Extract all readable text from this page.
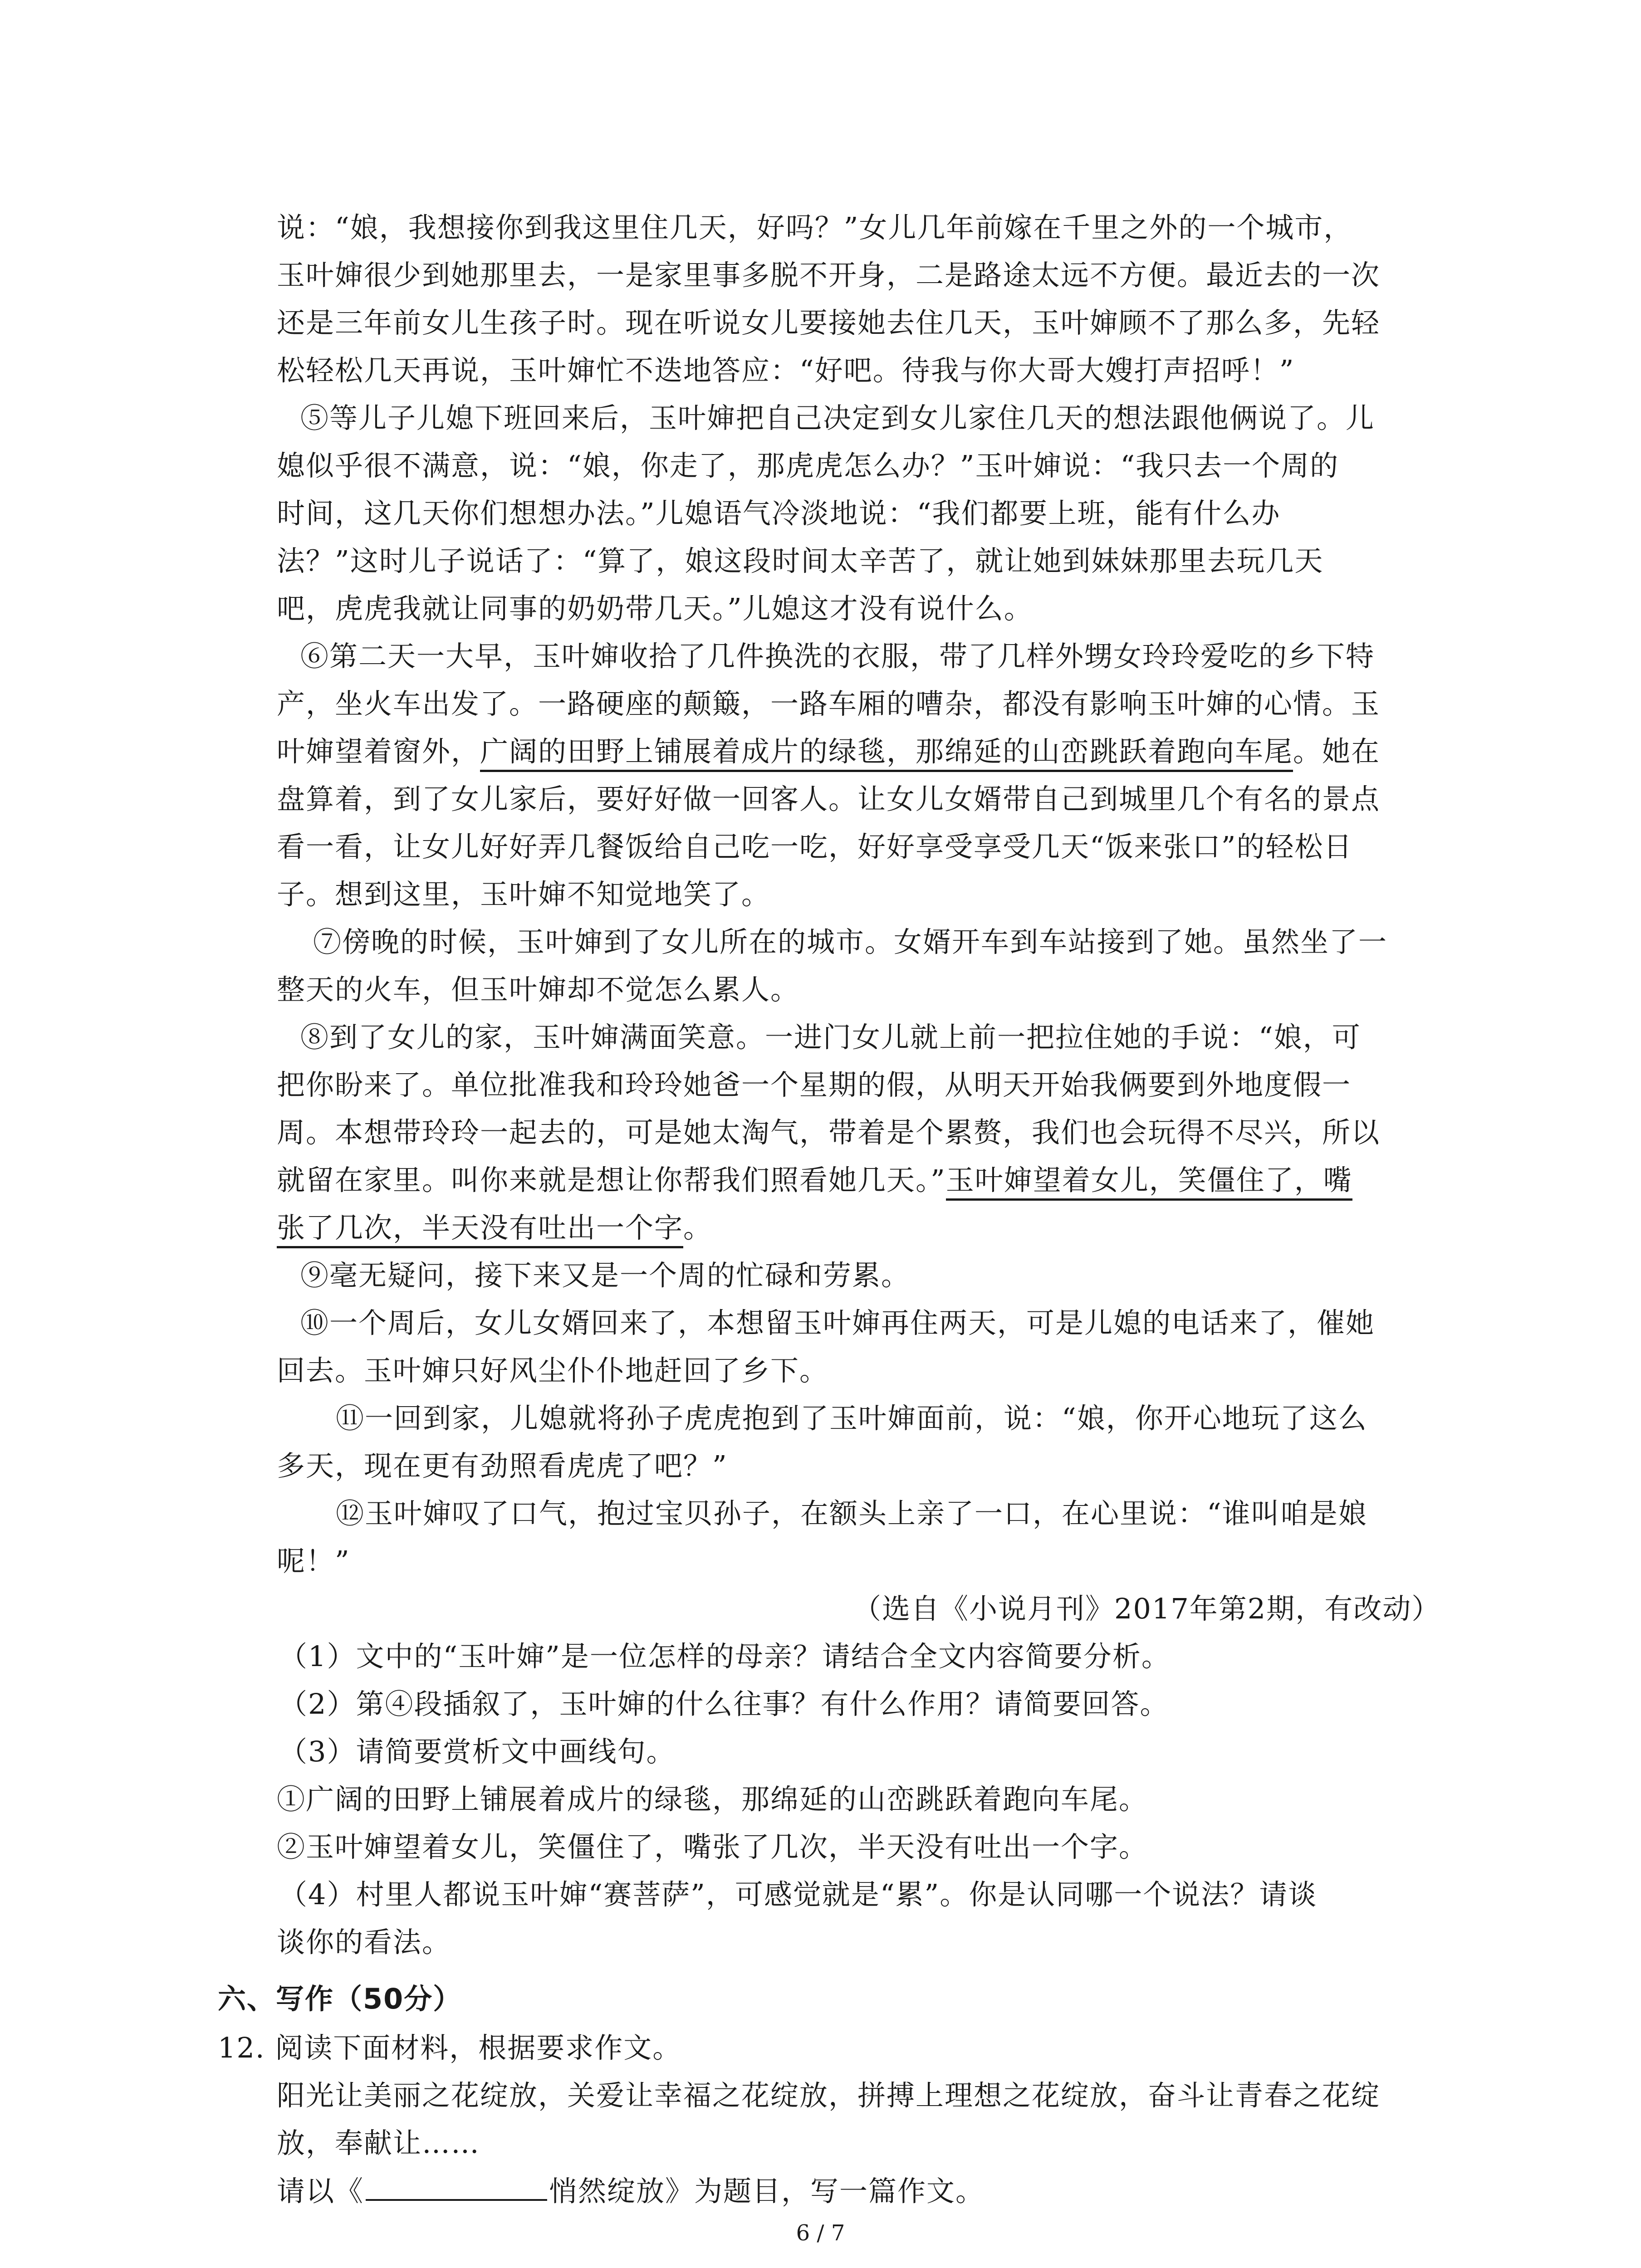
说：“娘，我想接你到我这里住几天，好吗？”女儿几年前嫁在千里之外的一个城市，
玉叶婶很少到她那里去，一是家里事多脱不开身，二是路途太远不方便。最近去的一次
还是三年前女儿生孩子时。现在听说女儿要接她去住几天，玉叶婶顾不了那么多，先轻
松轻松几天再说，玉叶婶忙不迭地答应：“好吧。待我与你大哥大嫂打声招呼！”
⑤等儿子儿媳下班回来后，玉叶婶把自己决定到女儿家住几天的想法跟他俩说了。儿
媳似乎很不满意，说：“娘，你走了，那虎虎怎么办？”玉叶婶说：“我只去一个周的
时间，这几天你们想想办法。”儿媳语气冷淡地说：“我们都要上班，能有什么办
法？”这时儿子说话了：“算了，娘这段时间太辛苦了，就让她到妹妹那里去玩几天
吧，虎虎我就让同事的奶奶带几天。”儿媳这才没有说什么。
⑥第二天一大早，玉叶婶收拾了几件换洗的衣服，带了几样外甥女玲玲爱吃的乡下特
产，坐火车出发了。一路硬座的颠簸，一路车厢的嘈杂，都没有影响玉叶婶的心情。玉
叶婶望着窗外，广阔的田野上铺展着成片的绿毯，那绵延的山峦跳跃着跑向车尾。她在
盘算着，到了女儿家后，要好好做一回客人。让女儿女婿带自己到城里几个有名的景点
看一看，让女儿好好弄几餐饭给自己吃一吃，好好享受享受几天“饭来张口”的轻松日
子。想到这里，玉叶婶不知觉地笑了。
⑦傍晚的时候，玉叶婶到了女儿所在的城市。女婿开车到车站接到了她。虽然坐了一
整天的火车，但玉叶婶却不觉怎么累人。
⑧到了女儿的家，玉叶婶满面笑意。一进门女儿就上前一把拉住她的手说：“娘，可
把你盼来了。单位批准我和玲玲她爸一个星期的假，从明天开始我俩要到外地度假一
周。本想带玲玲一起去的，可是她太淘气，带着是个累赘，我们也会玩得不尽兴，所以
就留在家里。叫你来就是想让你帮我们照看她几天。”玉叶婶望着女儿，笑僵住了，嘴
张了几次，半天没有吐出一个字。
⑨毫无疑问，接下来又是一个周的忙碌和劳累。
⑩一个周后，女儿女婿回来了，本想留玉叶婶再住两天，可是儿媳的电话来了，催她
回去。玉叶婶只好风尘仆仆地赶回了乡下。
⑪一回到家，儿媳就将孙子虎虎抱到了玉叶婶面前，说：“娘，你开心地玩了这么
多天，现在更有劲照看虎虎了吧？”
⑫玉叶婶叹了口气，抱过宝贝孙子，在额头上亲了一口，在心里说：“谁叫咱是娘
呢！”
（选自《小说月刊》2017年第2期，有改动）
（1）文中的“玉叶婶”是一位怎样的母亲？请结合全文内容简要分析。
（2）第④段插叙了，玉叶婶的什么往事？有什么作用？请简要回答。
（3）请简要赏析文中画线句。
①广阔的田野上铺展着成片的绿毯，那绵延的山峦跳跃着跑向车尾。
②玉叶婶望着女儿，笑僵住了，嘴张了几次，半天没有吐出一个字。
（4）村里人都说玉叶婶“赛菩萨”，可感觉就是“累”。你是认同哪一个说法？请谈
谈你的看法。
六、写作（50分）
12. 阅读下面材料，根据要求作文。
阳光让美丽之花绽放，关爱让幸福之花绽放，拼搏上理想之花绽放，奋斗让青春之花绽
放，奉献让……
请以《	悄然绽放》为题目，写一篇作文。
6 / 7
